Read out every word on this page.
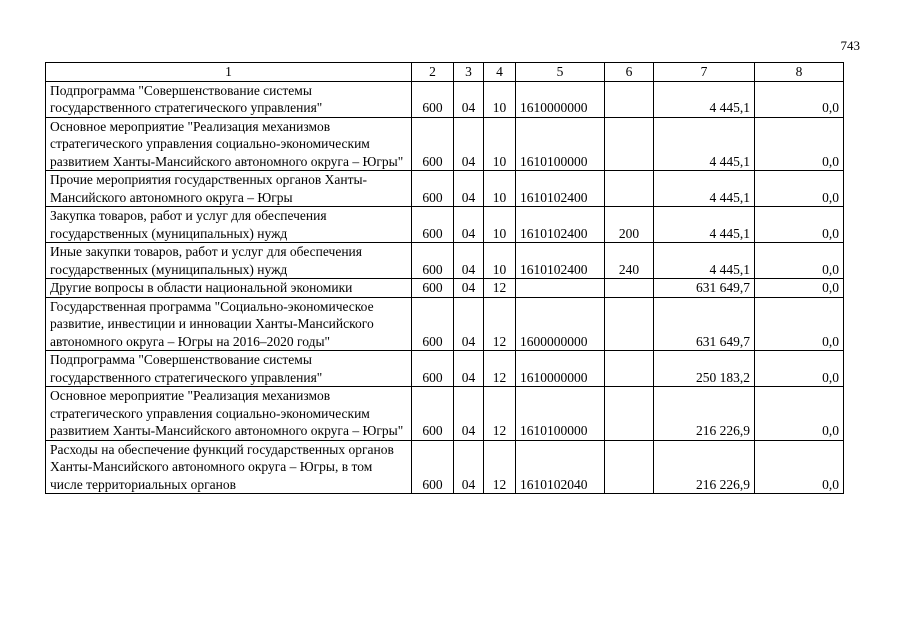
743
1	2	3	4	5	6	7	8
Подпрограмма "Совершенствование системы государственного стратегического управления"	600	04	10	1610000000		4 445,1	0,0
Основное мероприятие "Реализация механизмов стратегического управления социально-экономическим развитием Ханты-Мансийского автономного округа – Югры"	600	04	10	1610100000		4 445,1	0,0
Прочие мероприятия государственных органов Ханты-Мансийского автономного округа – Югры	600	04	10	1610102400		4 445,1	0,0
Закупка товаров, работ и услуг для обеспечения государственных (муниципальных) нужд	600	04	10	1610102400	200	4 445,1	0,0
Иные закупки товаров, работ и услуг для обеспечения государственных (муниципальных) нужд	600	04	10	1610102400	240	4 445,1	0,0
Другие вопросы в области национальной экономики	600	04	12			631 649,7	0,0
Государственная программа "Социально-экономическое развитие, инвестиции и инновации Ханты-Мансийского автономного округа – Югры на 2016–2020 годы"	600	04	12	1600000000		631 649,7	0,0
Подпрограмма "Совершенствование системы государственного стратегического управления"	600	04	12	1610000000		250 183,2	0,0
Основное мероприятие "Реализация механизмов стратегического управления социально-экономическим развитием Ханты-Мансийского автономного округа – Югры"	600	04	12	1610100000		216 226,9	0,0
Расходы на обеспечение функций государственных органов Ханты-Мансийского автономного округа – Югры, в том числе территориальных органов	600	04	12	1610102040		216 226,9	0,0
